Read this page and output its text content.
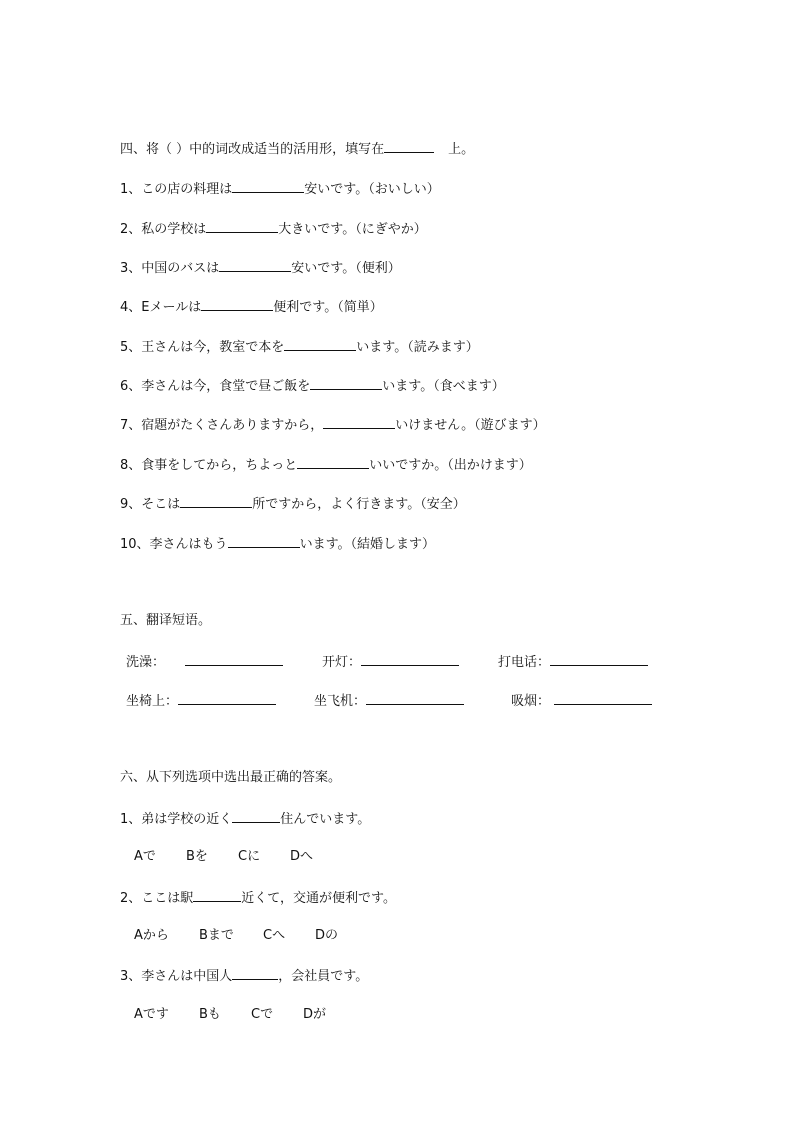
四、将（ ）中的词改成适当的活用形，填写在	上。
1、この店の料理は	安いです。（おいしい）
2、私の学校は	大きいです。（にぎやか）
3、中国のバスは	安いです。（便利）
4、Eメールは	便利です。（简単）
5、王さんは今，教室で本を	います。（読みます）
6、李さんは今，食堂で昼ご飯を	います。（食べます）
7、宿題がたくさんありますから，	いけません。（遊びます）
8、食事をしてから，ちよっと	いいですか。（出かけます）
9、そこは	所ですから，よく行きます。（安全）
10、李さんはもう	います。（結婚します）
五、翻译短语。
洗澡：	开灯：	打电话：
坐椅上：	坐飞机：	吸烟：
六、从下列选项中选出最正确的答案。
1、弟は学校の近く	住んでいます。
Aで Bを Cに Dへ
2、ここは駅	近くて，交通が便利です。
Aから Bまで Cへ Dの
3、李さんは中国人	，会社員です。
Aです Bも Cで Dが
